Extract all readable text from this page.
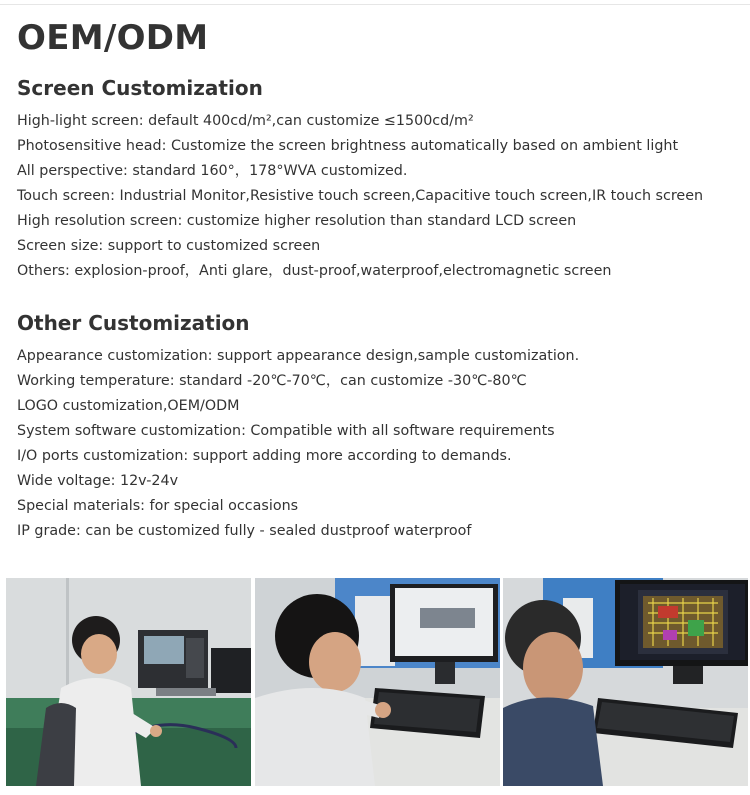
OEM/ODM
Screen Customization
High-light screen: default 400cd/m²,can customize ≤1500cd/m²
Photosensitive head: Customize the screen brightness automatically based on ambient light
All perspective: standard 160°，178°WVA customized.
Touch screen: Industrial Monitor,Resistive touch screen,Capacitive touch screen,IR touch screen
High resolution screen: customize higher resolution than standard LCD screen
Screen size: support to customized screen
Others: explosion-proof，Anti glare，dust-proof,waterproof,electromagnetic screen
Other Customization
Appearance customization: support appearance design,sample customization.
Working temperature: standard -20℃-70℃，can customize -30℃-80℃
LOGO customization,OEM/ODM
System software customization: Compatible with all software requirements
I/O ports customization: support adding more according to demands.
Wide voltage: 12v-24v
Special materials: for special occasions
IP grade: can be customized fully - sealed dustproof waterproof
